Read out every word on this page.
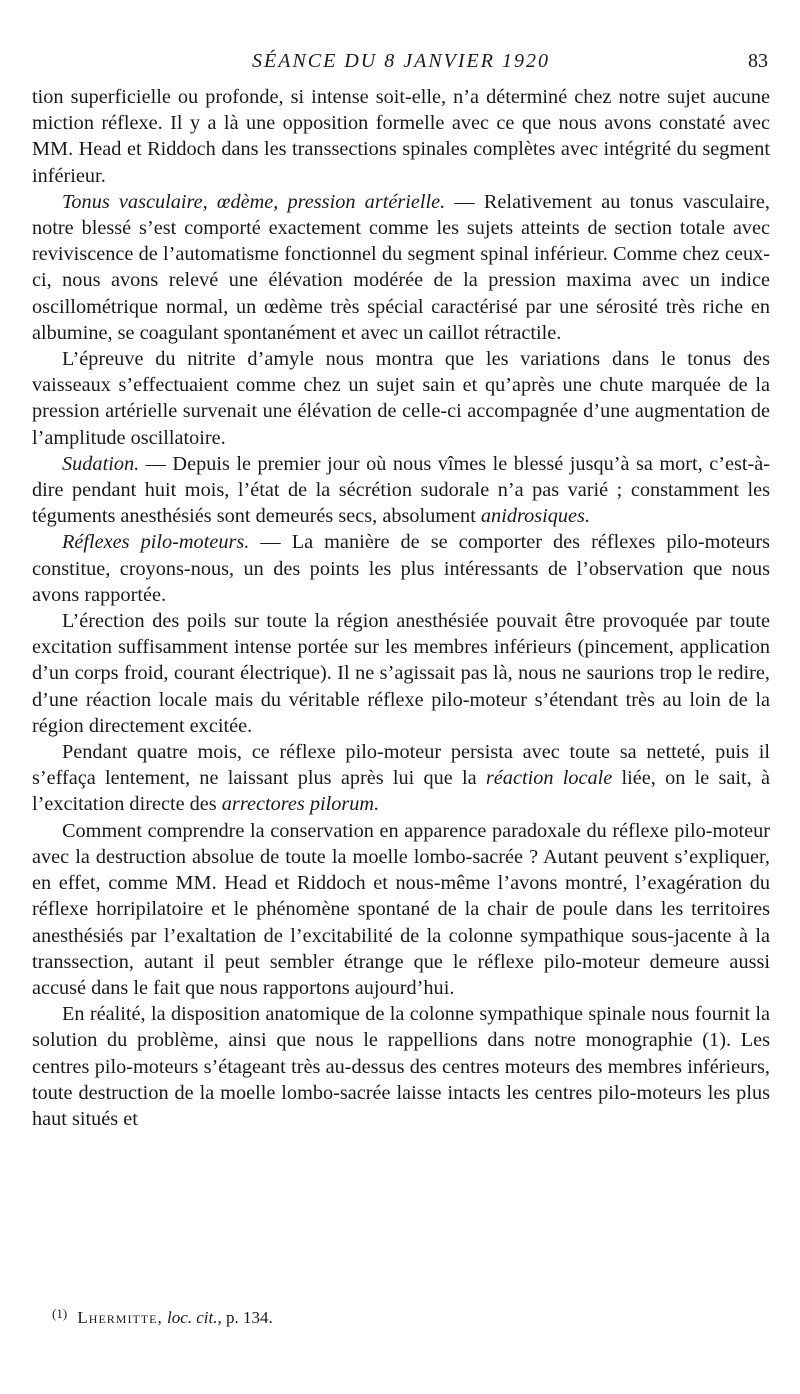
SÉANCE DU 8 JANVIER 1920	83

tion superficielle ou profonde, si intense soit-elle, n’a déterminé chez notre sujet aucune miction réflexe. Il y a là une opposition formelle avec ce que nous avons constaté avec MM. Head et Riddoch dans les transsections spinales complètes avec intégrité du segment inférieur.

Tonus vasculaire, œdème, pression artérielle. — Relativement au tonus vasculaire, notre blessé s’est comporté exactement comme les sujets atteints de section totale avec reviviscence de l’automatisme fonctionnel du segment spinal inférieur. Comme chez ceux-ci, nous avons relevé une élévation modérée de la pression maxima avec un indice oscillométrique normal, un œdème très spécial caractérisé par une sérosité très riche en albumine, se coagulant spontanément et avec un caillot rétractile.

L’épreuve du nitrite d’amyle nous montra que les variations dans le tonus des vaisseaux s’effectuaient comme chez un sujet sain et qu’après une chute marquée de la pression artérielle survenait une élévation de celle-ci accompagnée d’une augmentation de l’amplitude oscillatoire.

Sudation. — Depuis le premier jour où nous vîmes le blessé jusqu’à sa mort, c’est-à-dire pendant huit mois, l’état de la sécrétion sudorale n’a pas varié ; constamment les téguments anesthésiés sont demeurés secs, absolument anidrosiques.

Réflexes pilo-moteurs. — La manière de se comporter des réflexes pilo-moteurs constitue, croyons-nous, un des points les plus intéressants de l’observation que nous avons rapportée.

L’érection des poils sur toute la région anesthésiée pouvait être provoquée par toute excitation suffisamment intense portée sur les membres inférieurs (pincement, application d’un corps froid, courant électrique). Il ne s’agissait pas là, nous ne saurions trop le redire, d’une réaction locale mais du véritable réflexe pilo-moteur s’étendant très au loin de la région directement excitée.

Pendant quatre mois, ce réflexe pilo-moteur persista avec toute sa netteté, puis il s’effaça lentement, ne laissant plus après lui que la réaction locale liée, on le sait, à l’excitation directe des arrectores pilorum.

Comment comprendre la conservation en apparence paradoxale du réflexe pilo-moteur avec la destruction absolue de toute la moelle lombo-sacrée ? Autant peuvent s’expliquer, en effet, comme MM. Head et Riddoch et nous-même l’avons montré, l’exagération du réflexe horripilatoire et le phénomène spontané de la chair de poule dans les territoires anesthésiés par l’exaltation de l’excitabilité de la colonne sympathique sous-jacente à la transsection, autant il peut sembler étrange que le réflexe pilo-moteur demeure aussi accusé dans le fait que nous rapportons aujourd’hui.

En réalité, la disposition anatomique de la colonne sympathique spinale nous fournit la solution du problème, ainsi que nous le rappellions dans notre monographie (1). Les centres pilo-moteurs s’étageant très au-dessus des centres moteurs des membres inférieurs, toute destruction de la moelle lombo-sacrée laisse intacts les centres pilo-moteurs les plus haut situés et

$^{(1)}$ Lhermitte, loc. cit., p. 134.
